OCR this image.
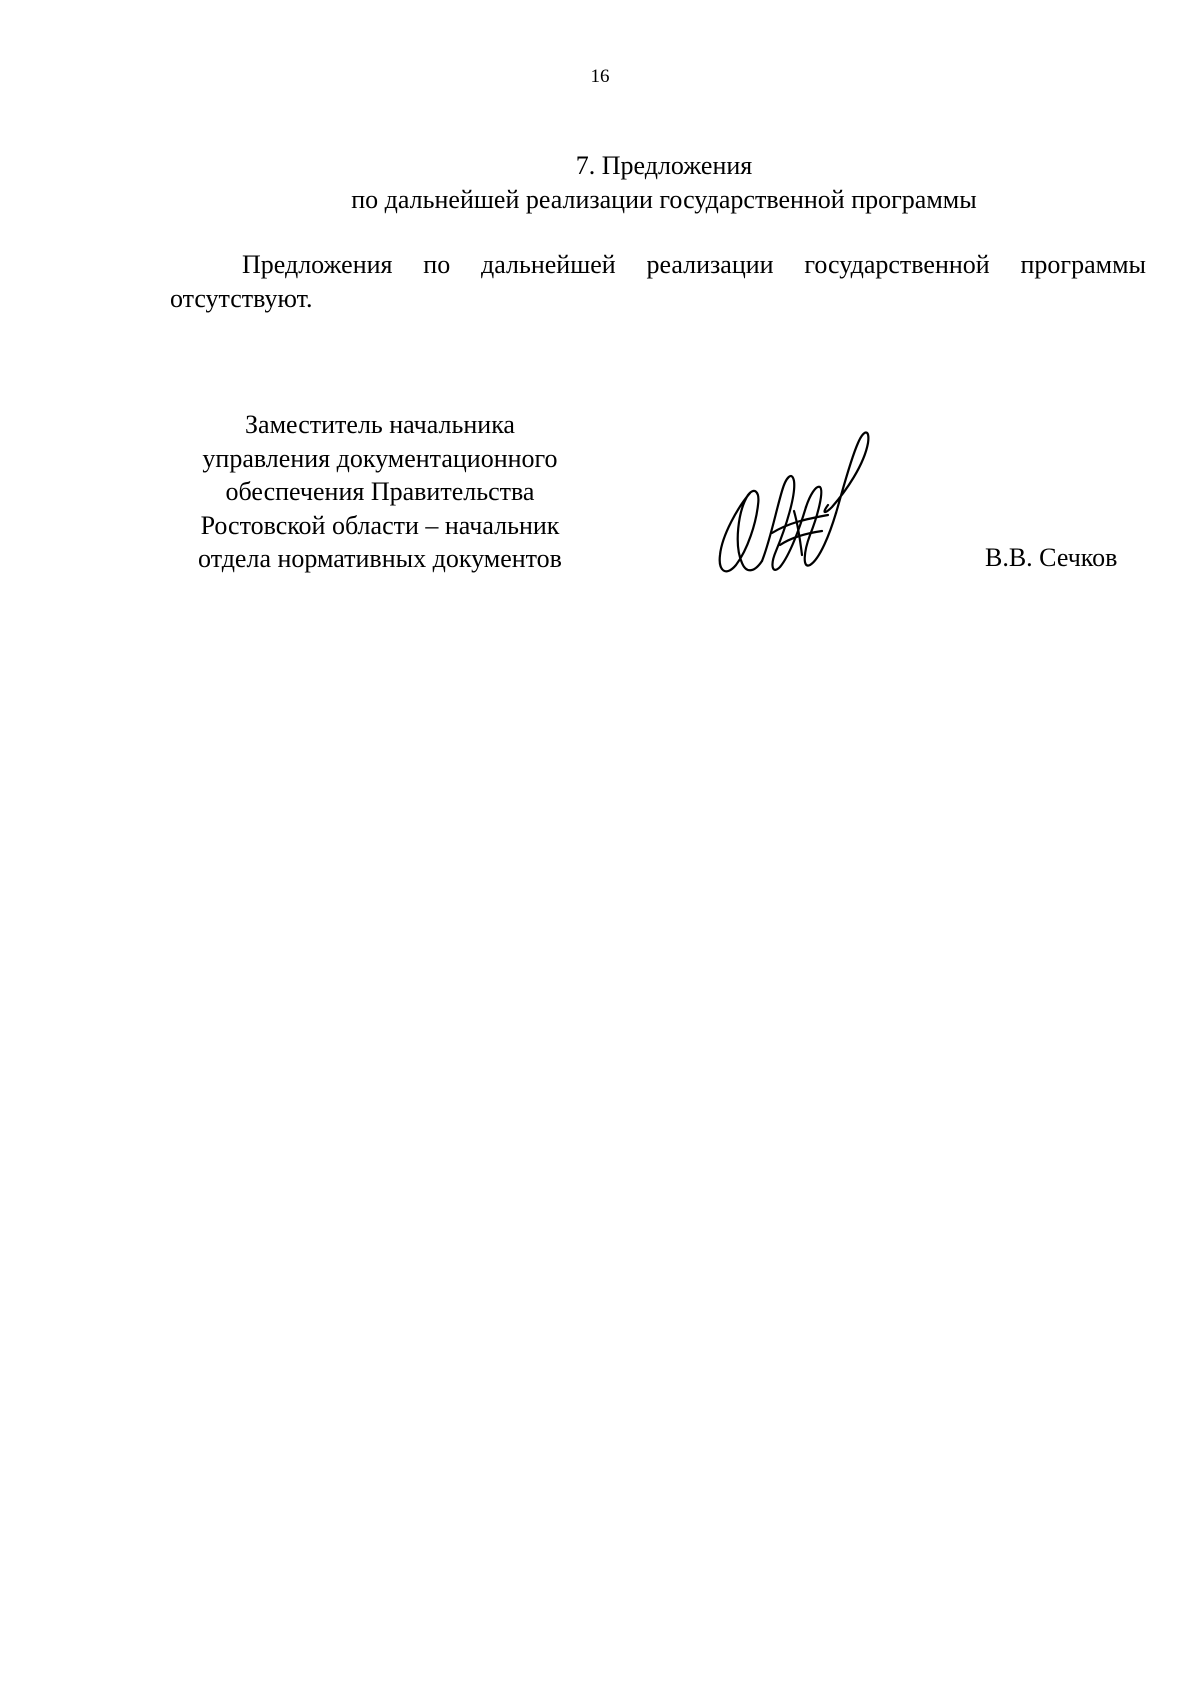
16
7. Предложения
по дальнейшей реализации государственной программы
Предложения по дальнейшей реализации государственной программы
отсутствуют.
Заместитель начальника
управления документационного
обеспечения Правительства
Ростовской области – начальник
отдела нормативных документов	В.В. Сечков
